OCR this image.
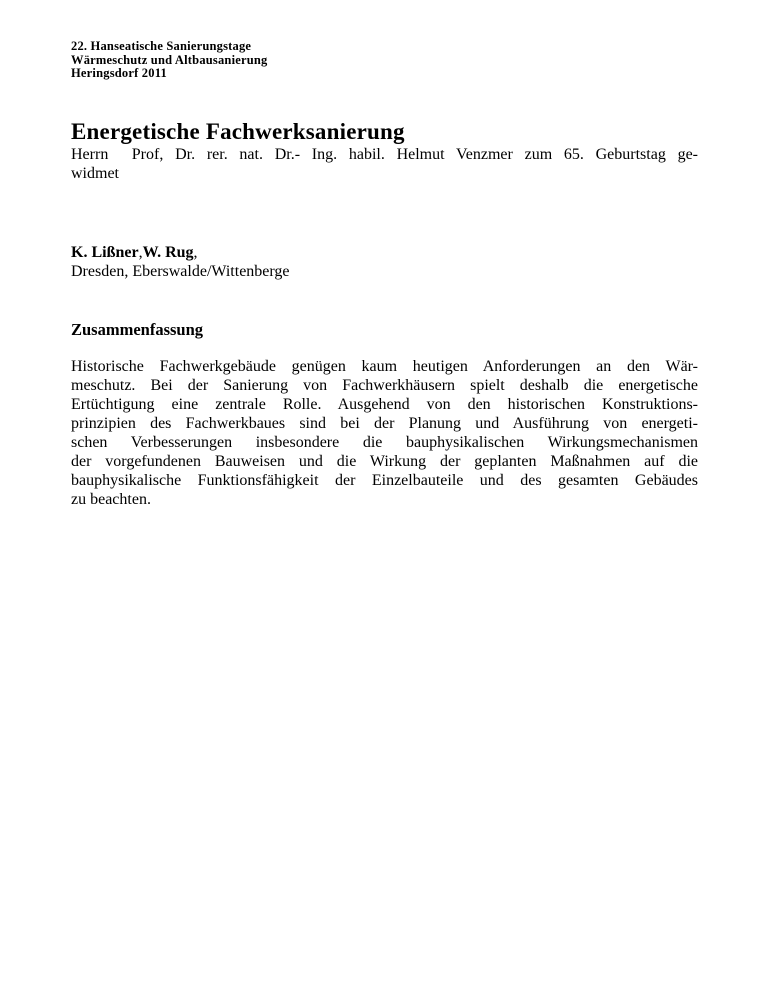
22. Hanseatische Sanierungstage
Wärmeschutz und Altbausanierung
Heringsdorf 2011
Energetische Fachwerksanierung
Herrn  Prof, Dr. rer. nat. Dr.- Ing. habil. Helmut Venzmer zum 65. Geburtstag ge-
widmet
K. Lißner,W. Rug,
Dresden, Eberswalde/Wittenberge
Zusammenfassung
Historische Fachwerkgebäude genügen kaum heutigen Anforderungen an den Wär-
meschutz. Bei der Sanierung von Fachwerkhäusern spielt deshalb die energetische
Ertüchtigung eine zentrale Rolle. Ausgehend von den historischen Konstruktions-
prinzipien des Fachwerkbaues sind bei der Planung und Ausführung von energeti-
schen Verbesserungen insbesondere die bauphysikalischen Wirkungsmechanismen
der vorgefundenen Bauweisen und die Wirkung der geplanten Maßnahmen auf die
bauphysikalische Funktionsfähigkeit der Einzelbauteile und des gesamten Gebäudes
zu beachten.
